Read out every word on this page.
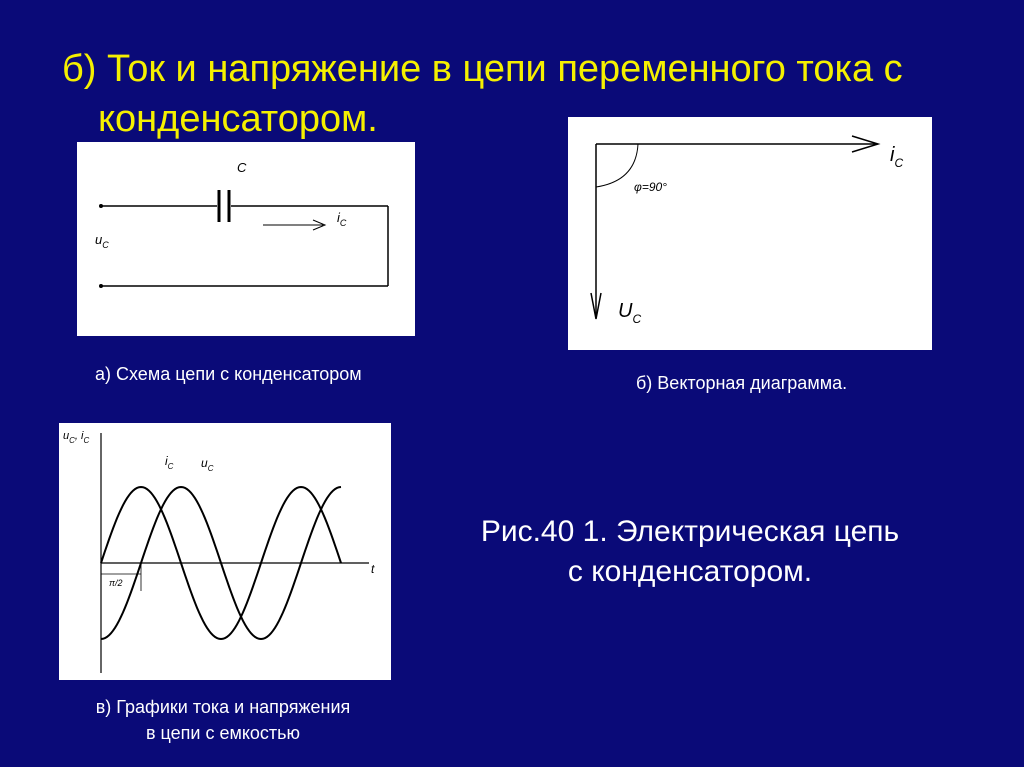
б) Ток и напряжение в цепи переменного тока с
конденсатором.
C
$i_C$
$u_C$
а) Схема цепи с конденсатором
φ=90°
$i_C$
$U_C$
б) Векторная диаграмма.
π/2
$u_C$, $i_C$
t
$i_C$ $u_C$
в) Графики тока и напряжения
в цепи с емкостью
Рис.40 1. Электрическая цепь
с конденсатором.
